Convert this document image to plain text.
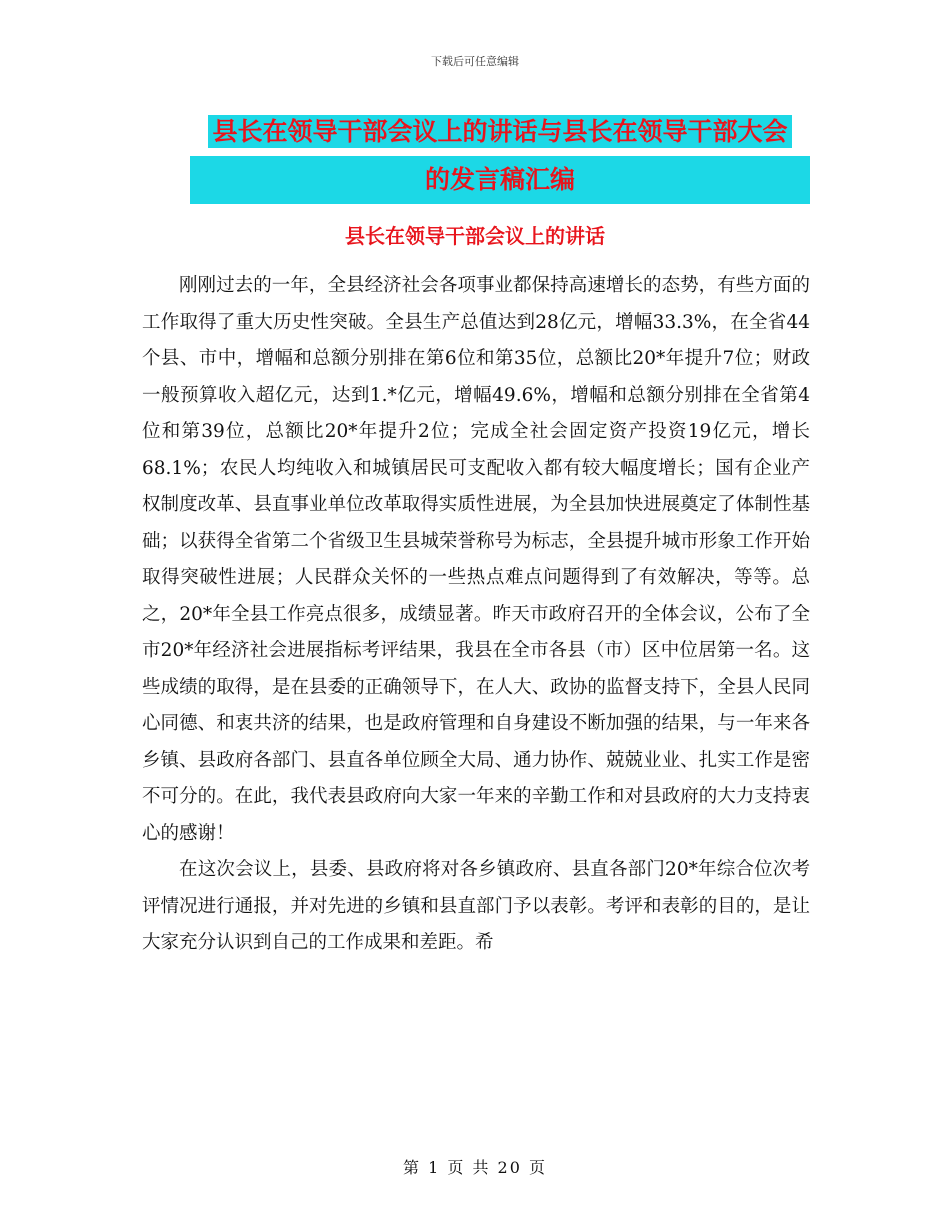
下载后可任意编辑
县长在领导干部会议上的讲话与县长在领导干部大会
的发言稿汇编
县长在领导干部会议上的讲话

刚刚过去的一年，全县经济社会各项事业都保持高速增长的态势，有些方面的工作取得了重大历史性突破。全县生产总值达到28亿元，增幅33.3%，在全省44个县、市中，增幅和总额分别排在第6位和第35位，总额比20*年提升7位；财政一般预算收入超亿元，达到1.*亿元，增幅49.6%，增幅和总额分别排在全省第4位和第39位，总额比20*年提升2位；完成全社会固定资产投资19亿元，增长68.1%；农民人均纯收入和城镇居民可支配收入都有较大幅度增长；国有企业产权制度改革、县直事业单位改革取得实质性进展，为全县加快进展奠定了体制性基础；以获得全省第二个省级卫生县城荣誉称号为标志，全县提升城市形象工作开始取得突破性进展；人民群众关怀的一些热点难点问题得到了有效解决，等等。总之，20*年全县工作亮点很多，成绩显著。昨天市政府召开的全体会议，公布了全市20*年经济社会进展指标考评结果，我县在全市各县（市）区中位居第一名。这些成绩的取得，是在县委的正确领导下，在人大、政协的监督支持下，全县人民同心同德、和衷共济的结果，也是政府管理和自身建设不断加强的结果，与一年来各乡镇、县政府各部门、县直各单位顾全大局、通力协作、兢兢业业、扎实工作是密不可分的。在此，我代表县政府向大家一年来的辛勤工作和对县政府的大力支持衷心的感谢！

在这次会议上，县委、县政府将对各乡镇政府、县直各部门20*年综合位次考评情况进行通报，并对先进的乡镇和县直部门予以表彰。考评和表彰的目的，是让大家充分认识到自己的工作成果和差距。希

第 1 页 共 20 页
